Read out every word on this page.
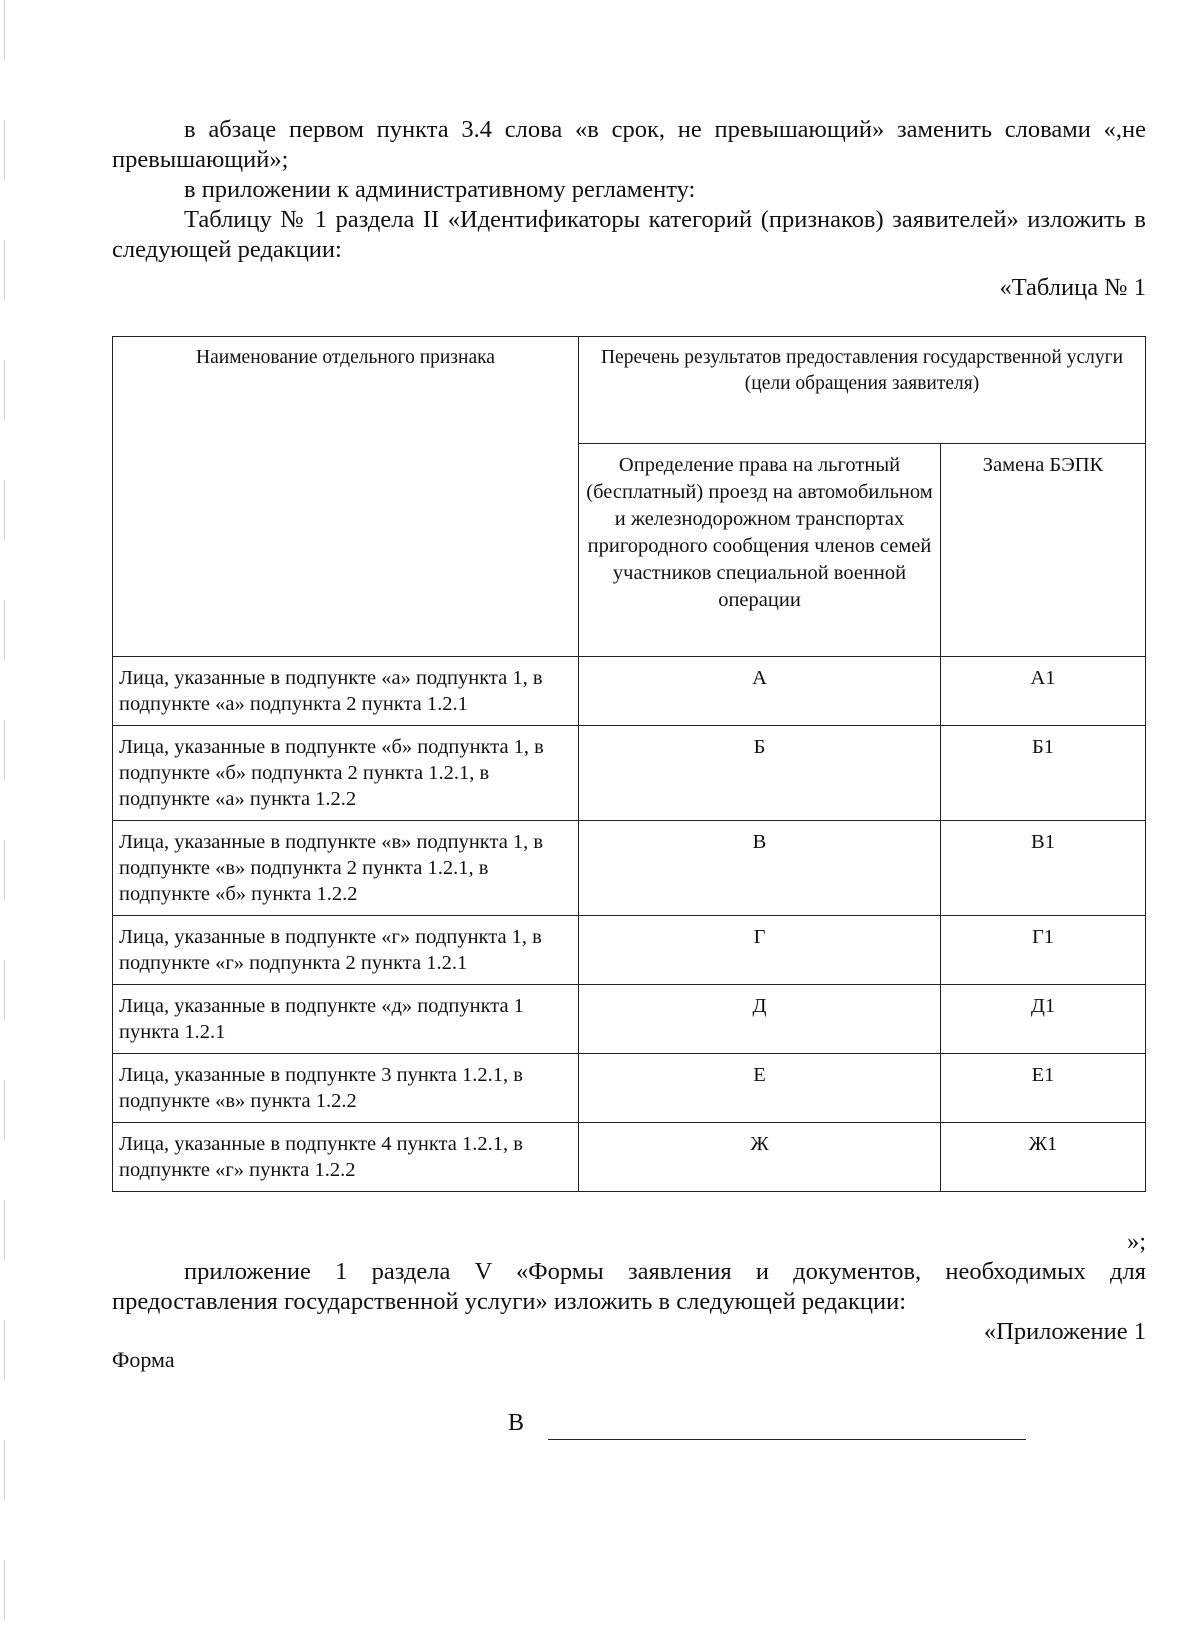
в абзаце первом пункта 3.4 слова «в срок, не превышающий» заменить словами «,не превышающий»;

в приложении к административному регламенту:

Таблицу № 1 раздела II «Идентификаторы категорий (признаков) заявителей» изложить в следующей редакции:

«Таблица № 1
Наименование отдельного признака	Перечень результатов предоставления государственной услуги (цели обращения заявителя)	
	Определение права на льготный (бесплатный) проезд на автомобильном и железнодорожном транспортах пригородного сообщения членов семей участников специальной военной операции	Замена БЭПК
Лица, указанные в подпункте «а» подпункта 1, в подпункте «а» подпункта 2 пункта 1.2.1	А	А1
Лица, указанные в подпункте «б» подпункта 1, в подпункте «б» подпункта 2 пункта 1.2.1, в подпункте «а» пункта 1.2.2	Б	Б1
Лица, указанные в подпункте «в» подпункта 1, в подпункте «в» подпункта 2 пункта 1.2.1, в подпункте «б» пункта 1.2.2	В	В1
Лица, указанные в подпункте «г» подпункта 1, в подпункте «г» подпункта 2 пункта 1.2.1	Г	Г1
Лица, указанные в подпункте «д» подпункта 1 пункта 1.2.1	Д	Д1
Лица, указанные в подпункте 3 пункта 1.2.1, в подпункте «в» пункта 1.2.2	Е	Е1
Лица, указанные в подпункте 4 пункта 1.2.1, в подпункте «г» пункта 1.2.2	Ж	Ж1
»;

приложение 1 раздела V «Формы заявления и документов, необходимых для предоставления государственной услуги» изложить в следующей редакции:

«Приложение 1
Форма
В
